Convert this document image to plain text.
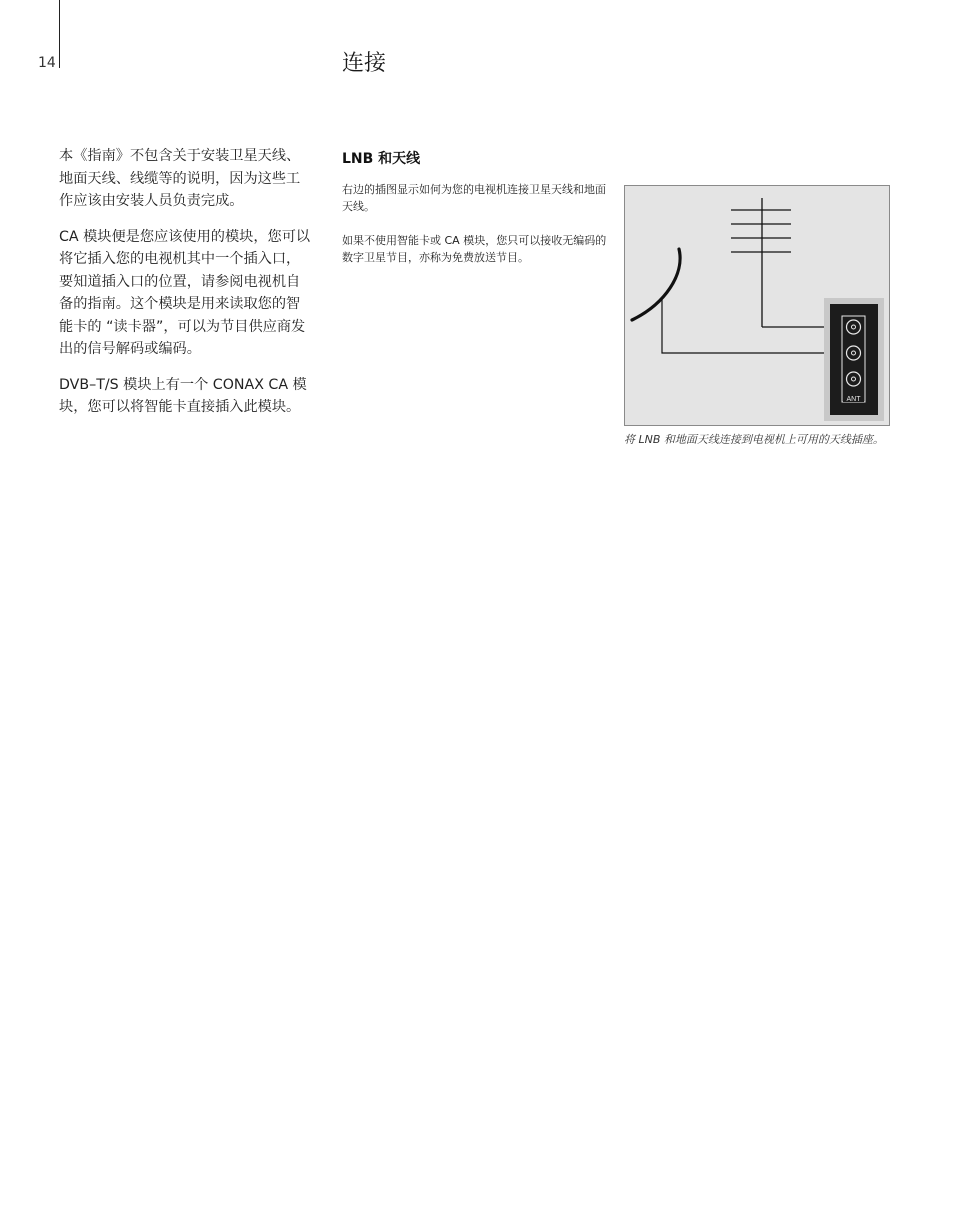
14	连接

本《指南》不包含关于安装卫星天线、地面天线、线缆等的说明，因为这些工作应该由安装人员负责完成。

CA 模块便是您应该使用的模块，您可以将它插入您的电视机其中一个插入口，要知道插入口的位置，请参阅电视机自备的指南。这个模块是用来读取您的智能卡的 “读卡器”，可以为节目供应商发出的信号解码或编码。

DVB–T/S 模块上有一个 CONAX CA 模块，您可以将智能卡直接插入此模块。

LNB 和天线

右边的插图显示如何为您的电视机连接卫星天线和地面天线。

如果不使用智能卡或 CA 模块，您只可以接收无编码的数字卫星节目，亦称为免费放送节目。

ANT

将 LNB 和地面天线连接到电视机上可用的天线插座。
